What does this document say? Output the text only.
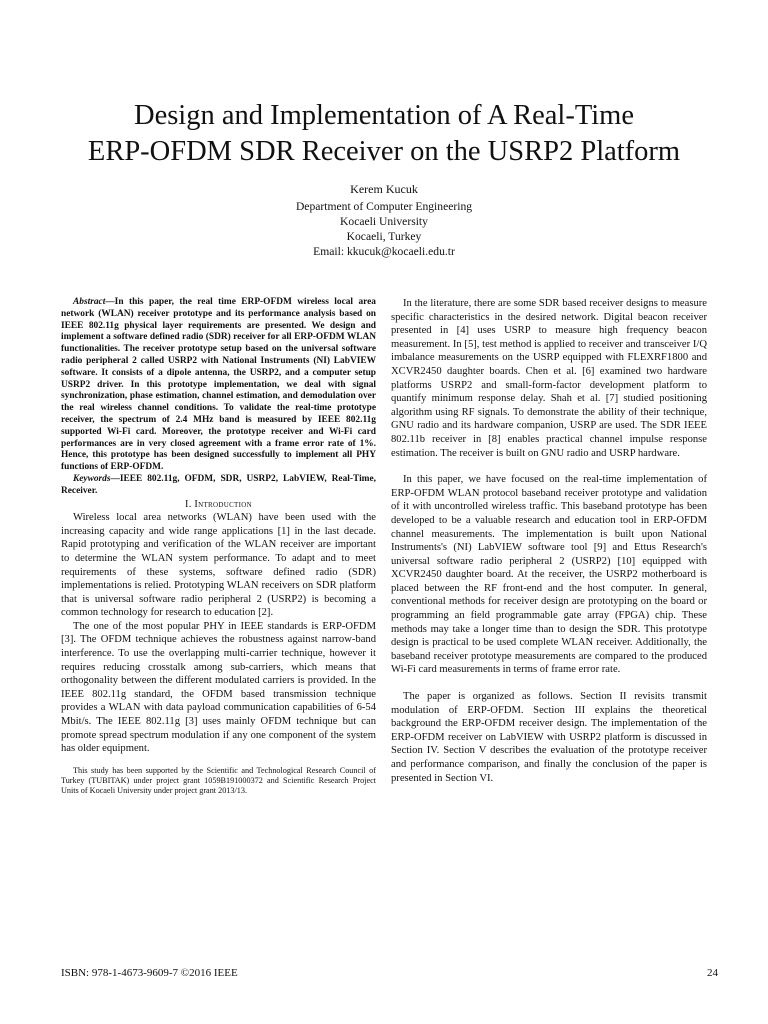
Design and Implementation of A Real-Time
ERP-OFDM SDR Receiver on the USRP2 Platform
Kerem Kucuk
Department of Computer Engineering
Kocaeli University
Kocaeli, Turkey
Email: kkucuk@kocaeli.edu.tr

Abstract—In this paper, the real time ERP-OFDM wireless local area network (WLAN) receiver prototype and its performance analysis based on IEEE 802.11g physical layer requirements are presented. We design and implement a software defined radio (SDR) receiver for all ERP-OFDM WLAN functionalities. The receiver prototype setup based on the universal software radio peripheral 2 called USRP2 with National Instruments (NI) LabVIEW software. It consists of a dipole antenna, the USRP2, and a computer setup USRP2 driver. In this prototype implementation, we deal with signal synchronization, phase estimation, channel estimation, and demodulation over the real wireless channel conditions. To validate the real-time prototype receiver, the spectrum of 2.4 MHz band is measured by IEEE 802.11g supported Wi-Fi card. Moreover, the prototype receiver and Wi-Fi card performances are in very closed agreement with a frame error rate of 1%. Hence, this prototype has been designed successfully to implement all PHY functions of ERP-OFDM.

Keywords—IEEE 802.11g, OFDM, SDR, USRP2, LabVIEW, Real-Time, Receiver.

I. Introduction

Wireless local area networks (WLAN) have been used with the increasing capacity and wide range applications [1] in the last decade. Rapid prototyping and verification of the WLAN receiver are important to determine the WLAN system performance. To adapt and to meet requirements of these systems, software defined radio (SDR) implementations is relied. Prototyping WLAN receivers on SDR platform that is universal software radio peripheral 2 (USRP2) is becoming a common technology for research to education [2].

The one of the most popular PHY in IEEE standards is ERP-OFDM [3]. The OFDM technique achieves the robustness against narrow-band interference. To use the overlapping multi-carrier technique, however it requires reducing crosstalk among sub-carriers, which means that orthogonality between the different modulated carriers is provided. In the IEEE 802.11g standard, the OFDM based transmission technique provides a WLAN with data payload communication capabilities of 6-54 Mbit/s. The IEEE 802.11g [3] uses mainly OFDM technique but can promote spread spectrum modulation if any one component of the system has older equipment.

This study has been supported by the Scientific and Technological Research Council of Turkey (TUBITAK) under project grant 1059B191000372 and Scientific Research Project Units of Kocaeli University under project grant 2013/13.

In the literature, there are some SDR based receiver designs to measure specific characteristics in the desired network. Digital beacon receiver presented in [4] uses USRP to measure high frequency beacon measurement. In [5], test method is applied to receiver and transceiver I/Q imbalance measurements on the USRP equipped with FLEXRF1800 and XCVR2450 daughter boards. Chen et al. [6] examined two hardware platforms USRP2 and small-form-factor development platform to quantify minimum response delay. Shah et al. [7] studied positioning algorithm using RF signals. To demonstrate the ability of their technique, GNU radio and its hardware companion, USRP are used. The SDR IEEE 802.11b receiver in [8] enables practical channel impulse response estimation. The receiver is built on GNU radio and USRP hardware.

In this paper, we have focused on the real-time implementation of ERP-OFDM WLAN protocol baseband receiver prototype and validation of it with uncontrolled wireless traffic. This baseband prototype has been developed to be a valuable research and education tool in ERP-OFDM channel measurements. The implementation is built upon National Instruments's (NI) LabVIEW software tool [9] and Ettus Research's universal software radio peripheral 2 (USRP2) [10] equipped with XCVR2450 daughter board. At the receiver, the USRP2 motherboard is placed between the RF front-end and the host computer. In general, conventional methods for receiver design are prototyping on the board or programming an field programmable gate array (FPGA) chip. These methods may take a longer time than to design the SDR. This prototype design is practical to be used complete WLAN receiver. Additionally, the baseband receiver prototype measurements are compared to the produced Wi-Fi card measurements in terms of frame error rate.

The paper is organized as follows. Section II revisits transmit modulation of ERP-OFDM. Section III explains the theoretical background the ERP-OFDM receiver design. The implementation of the ERP-OFDM receiver on LabVIEW with USRP2 platform is discussed in Section IV. Section V describes the evaluation of the prototype receiver and performance comparison, and finally the conclusion of the paper is presented in Section VI.

ISBN: 978-1-4673-9609-7 ©2016 IEEE	24
